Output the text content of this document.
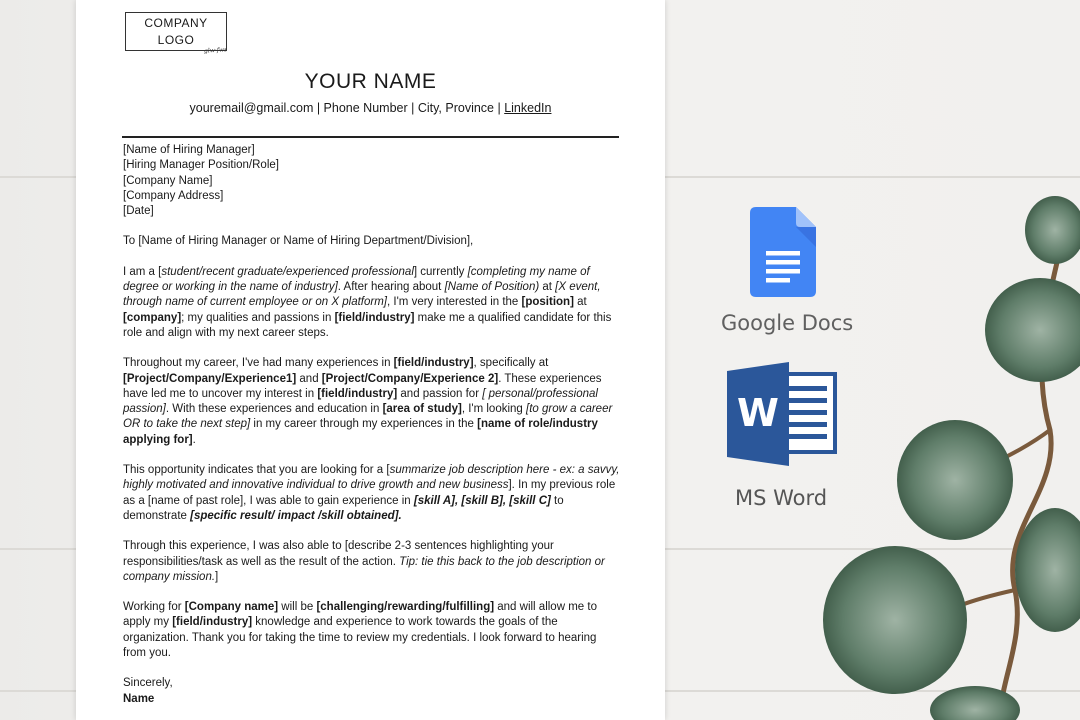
COMPANY
LOGO
glw·fws
YOUR NAME
youremail@gmail.com | Phone Number | City, Province | LinkedIn
[Name of Hiring Manager]
[Hiring Manager Position/Role]
[Company Name]
[Company Address]
[Date]
To [Name of Hiring Manager or Name of Hiring Department/Division],
I am a [student/recent graduate/experienced professional] currently [completing my name of degree or working in the name of industry]. After hearing about [Name of Position) at [X event, through name of current employee or on X platform], I'm very interested in the [position] at [company]; my qualities and passions in [field/industry] make me a qualified candidate for this role and align with my next career steps.
Throughout my career, I've had many experiences in [field/industry], specifically at [Project/Company/Experience1] and [Project/Company/Experience 2]. These experiences have led me to uncover my interest in [field/industry] and passion for [ personal/professional passion]. With these experiences and education in [area of study], I'm looking [to grow a career OR to take the next step] in my career through my experiences in the [name of role/industry applying for].
This opportunity indicates that you are looking for a [summarize job description here - ex: a savvy, highly motivated and innovative individual to drive growth and new business]. In my previous role as a [name of past role], I was able to gain experience in [skill A], [skill B], [skill C] to demonstrate [specific result/ impact /skill obtained].
Through this experience, I was also able to [describe 2-3 sentences highlighting your responsibilities/task as well as the result of the action. Tip: tie this back to the job description or company mission.]
Working for [Company name] will be [challenging/rewarding/fulfilling] and will allow me to apply my [field/industry] knowledge and experience to work towards the goals of the organization. Thank you for taking the time to review my credentials. I look forward to hearing from you.
Sincerely,
Name
Google Docs
W
MS Word
